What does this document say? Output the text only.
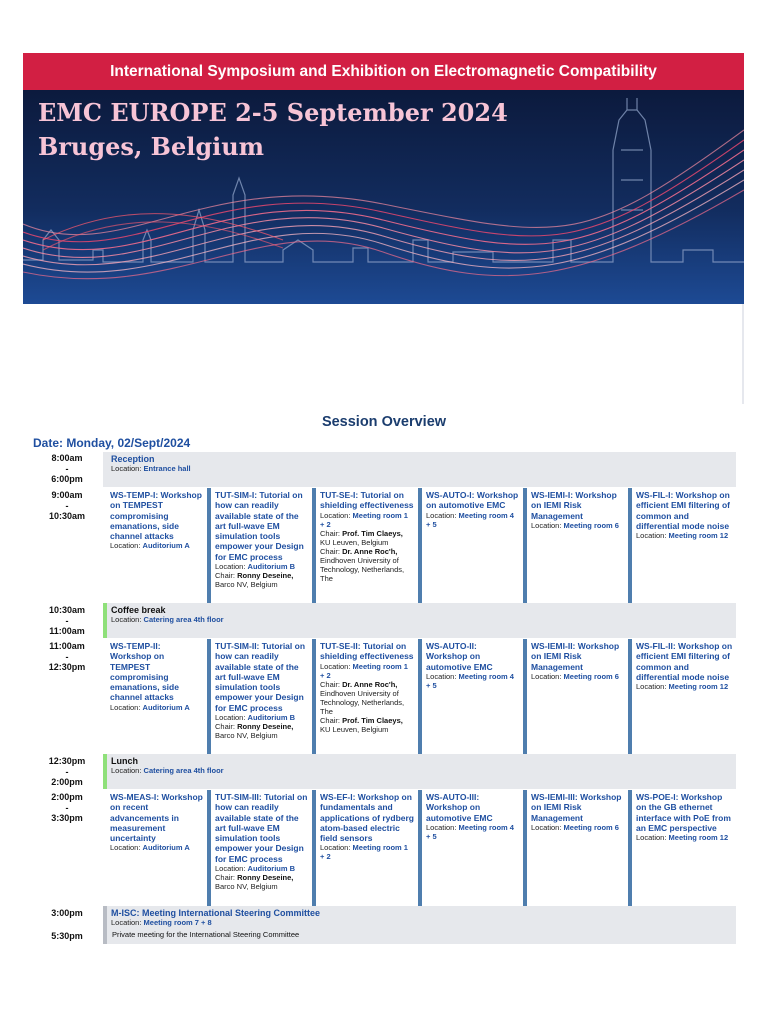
International Symposium and Exhibition on Electromagnetic Compatibility
EMC EUROPE 2-5 September 2024
Bruges, Belgium
Session Overview
Date: Monday, 02/Sept/2024
8:00am
-
6:00pm
Reception
Location: Entrance hall
9:00am
-
10:30am
WS-TEMP-I: Workshop on TEMPEST compromising emanations, side channel attacks
Location: Auditorium A
TUT-SIM-I: Tutorial on how can readily available state of the art full-wave EM simulation tools empower your Design for EMC process
Location: Auditorium B
Chair: Ronny Deseine, Barco NV, Belgium
TUT-SE-I: Tutorial on shielding effectiveness
Location: Meeting room 1 + 2
Chair: Prof. Tim Claeys, KU Leuven, Belgium
Chair: Dr. Anne Roc'h, Eindhoven University of Technology, Netherlands, The
WS-AUTO-I: Workshop on automotive EMC
Location: Meeting room 4 + 5
WS-IEMI-I: Workshop on IEMI Risk Management
Location: Meeting room 6
WS-FIL-I: Workshop on efficient EMI filtering of common and differential mode noise
Location: Meeting room 12
10:30am
-
11:00am
Coffee break
Location: Catering area 4th floor
11:00am
-
12:30pm
WS-TEMP-II: Workshop on TEMPEST compromising emanations, side channel attacks
Location: Auditorium A
TUT-SIM-II: Tutorial on how can readily available state of the art full-wave EM simulation tools empower your Design for EMC process
Location: Auditorium B
Chair: Ronny Deseine, Barco NV, Belgium
TUT-SE-II: Tutorial on shielding effectiveness
Location: Meeting room 1 + 2
Chair: Dr. Anne Roc'h, Eindhoven University of Technology, Netherlands, The
Chair: Prof. Tim Claeys, KU Leuven, Belgium
WS-AUTO-II: Workshop on automotive EMC
Location: Meeting room 4 + 5
WS-IEMI-II: Workshop on IEMI Risk Management
Location: Meeting room 6
WS-FIL-II: Workshop on efficient EMI filtering of common and differential mode noise
Location: Meeting room 12
12:30pm
-
2:00pm
Lunch
Location: Catering area 4th floor
2:00pm
-
3:30pm
WS-MEAS-I: Workshop on recent advancements in measurement uncertainty
Location: Auditorium A
TUT-SIM-III: Tutorial on how can readily available state of the art full-wave EM simulation tools empower your Design for EMC process
Location: Auditorium B
Chair: Ronny Deseine, Barco NV, Belgium
WS-EF-I: Workshop on fundamentals and applications of rydberg atom-based electric field sensors
Location: Meeting room 1 + 2
WS-AUTO-III: Workshop on automotive EMC
Location: Meeting room 4 + 5
WS-IEMI-III: Workshop on IEMI Risk Management
Location: Meeting room 6
WS-POE-I: Workshop on the GB ethernet interface with PoE from an EMC perspective
Location: Meeting room 12
3:00pm
-
5:30pm
M-ISC: Meeting International Steering Committee
Location: Meeting room 7 + 8
Private meeting for the International Steering Committee
